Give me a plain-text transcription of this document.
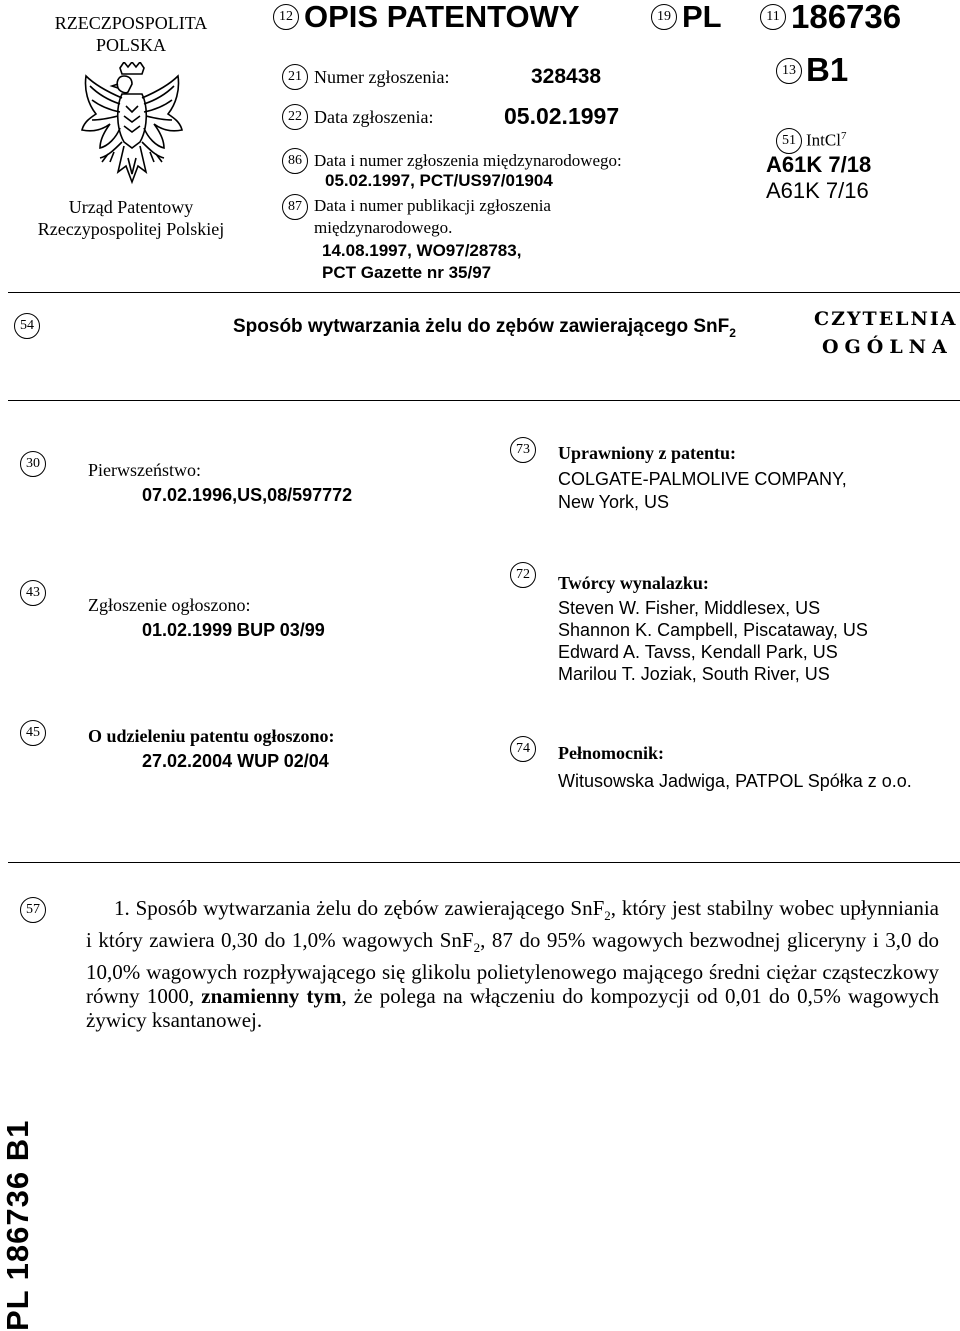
RZECZPOSPOLITA
POLSKA
Urząd Patentowy
Rzeczypospolitej Polskiej
12 OPIS PATENTOWY	19 PL	11 186736
13 B1
21 Numer zgłoszenia:	328438
22 Data zgłoszenia:	05.02.1997
86 Data i numer zgłoszenia międzynarodowego:
05.02.1997, PCT/US97/01904
87 Data i numer publikacji zgłoszenia
międzynarodowego.
14.08.1997, WO97/28783,
PCT Gazette nr 35/97
51 IntCl$^7$
A61K 7/18
A61K 7/16
54	Sposób wytwarzania żelu do zębów zawierającego SnF$_2$
CZYTELNIA
OGÓLNA
30	Pierwszeństwo:
07.02.1996,US,08/597772
73	Uprawniony z patentu:
COLGATE-PALMOLIVE COMPANY,
New York, US
43
Zgłoszenie ogłoszono:
01.02.1999 BUP 03/99
72	Twórcy wynalazku:
Steven W. Fisher, Middlesex, US
Shannon K. Campbell, Piscataway, US
Edward A. Tavss, Kendall Park, US
Marilou T. Joziak, South River, US
45	O udzieleniu patentu ogłoszono:
27.02.2004 WUP 02/04
74	Pełnomocnik:
Witusowska Jadwiga, PATPOL Spółka z o.o.
57	1. Sposób wytwarzania żelu do zębów zawierającego SnF$_2$, który jest stabilny wobec upłynniania i który zawiera 0,30 do 1,0% wagowych SnF$_2$, 87 do 95% wagowych bezwodnej gliceryny i 3,0 do 10,0% wagowych rozpływającego się glikolu polietylenowego mającego średni ciężar cząsteczkowy równy 1000, znamienny tym, że polega na włączeniu do kompozycji od 0,01 do 0,5% wagowych żywicy ksantanowej.
PL 186736 B1
